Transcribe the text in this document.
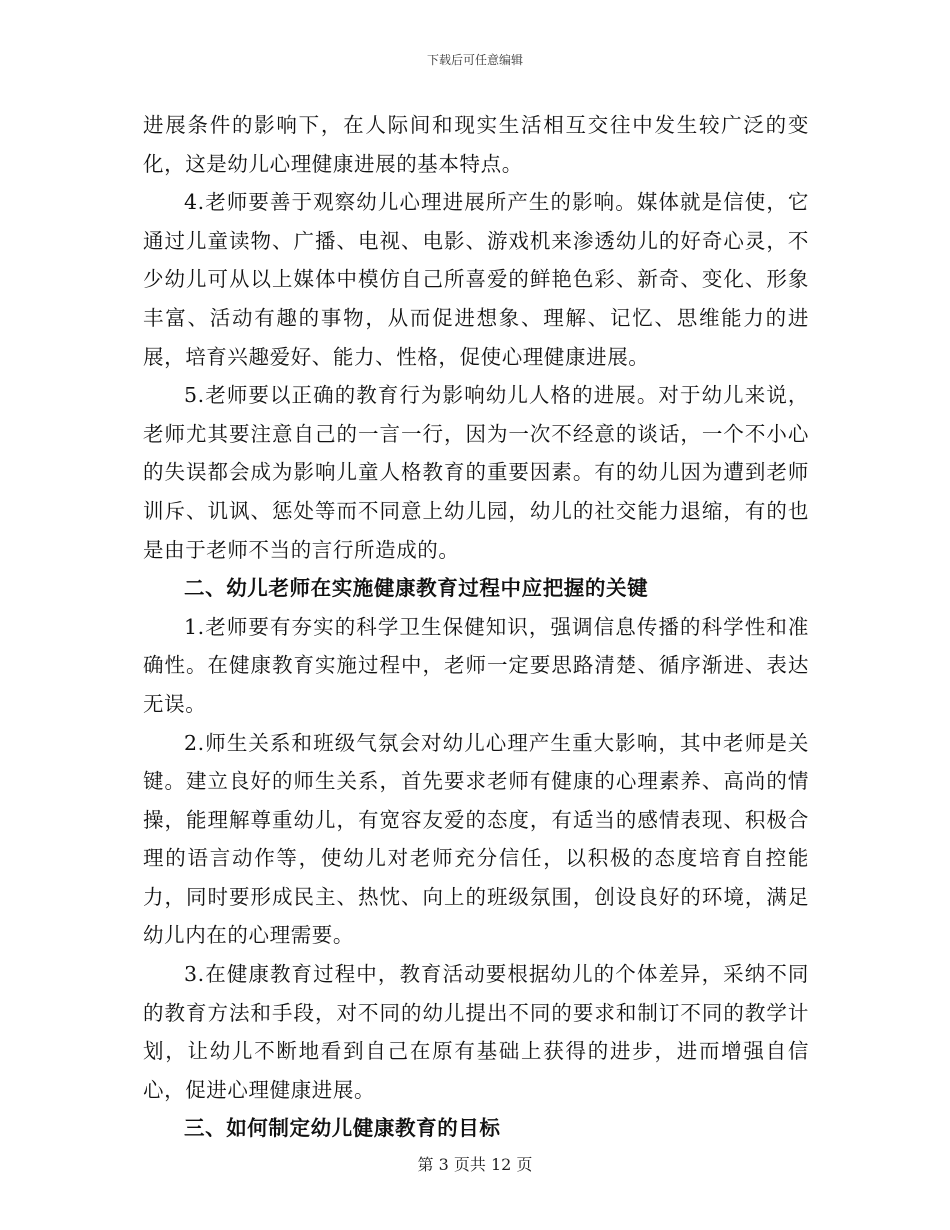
下载后可任意编辑

进展条件的影响下，在人际间和现实生活相互交往中发生较广泛的变化，这是幼儿心理健康进展的基本特点。

4.老师要善于观察幼儿心理进展所产生的影响。媒体就是信使，它通过儿童读物、广播、电视、电影、游戏机来渗透幼儿的好奇心灵，不少幼儿可从以上媒体中模仿自己所喜爱的鲜艳色彩、新奇、变化、形象丰富、活动有趣的事物，从而促进想象、理解、记忆、思维能力的进展，培育兴趣爱好、能力、性格，促使心理健康进展。

5.老师要以正确的教育行为影响幼儿人格的进展。对于幼儿来说，老师尤其要注意自己的一言一行，因为一次不经意的谈话，一个不小心的失误都会成为影响儿童人格教育的重要因素。有的幼儿因为遭到老师训斥、讥讽、惩处等而不同意上幼儿园，幼儿的社交能力退缩，有的也是由于老师不当的言行所造成的。

二、幼儿老师在实施健康教育过程中应把握的关键

1.老师要有夯实的科学卫生保健知识，强调信息传播的科学性和准确性。在健康教育实施过程中，老师一定要思路清楚、循序渐进、表达无误。

2.师生关系和班级气氛会对幼儿心理产生重大影响，其中老师是关键。建立良好的师生关系，首先要求老师有健康的心理素养、高尚的情操，能理解尊重幼儿，有宽容友爱的态度，有适当的感情表现、积极合理的语言动作等，使幼儿对老师充分信任，以积极的态度培育自控能力，同时要形成民主、热忱、向上的班级氛围，创设良好的环境，满足幼儿内在的心理需要。

3.在健康教育过程中，教育活动要根据幼儿的个体差异，采纳不同的教育方法和手段，对不同的幼儿提出不同的要求和制订不同的教学计划，让幼儿不断地看到自己在原有基础上获得的进步，进而增强自信心，促进心理健康进展。

三、如何制定幼儿健康教育的目标

第 3 页共 12 页
